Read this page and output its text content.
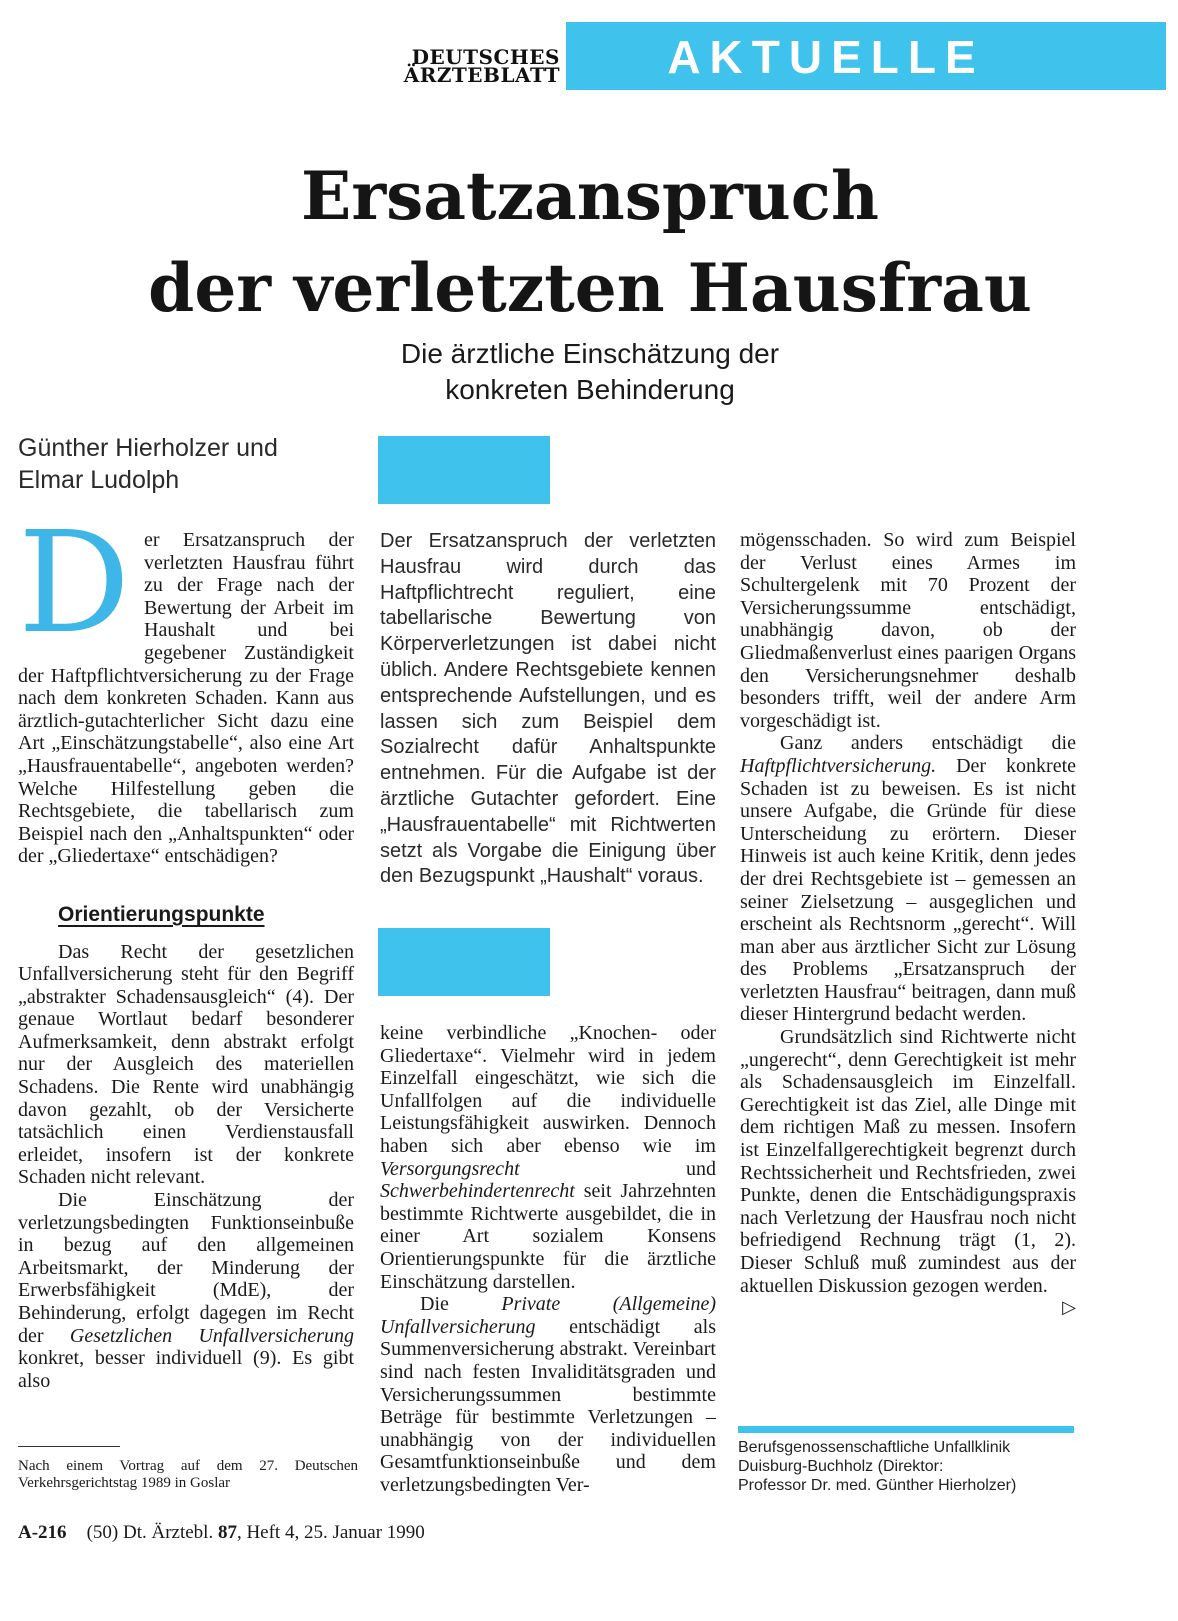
DEUTSCHES
ÄRZTEBLATT	AKTUELLE MEDIZIN
Ersatzanspruch
der verletzten Hausfrau
Die ärztliche Einschätzung der
konkreten Behinderung
Günther Hierholzer und
Elmar Ludolph
D er Ersatzanspruch der verletzten Hausfrau führt zu der Frage nach der Bewertung der Arbeit im Haushalt und bei gegebener Zuständigkeit der Haftpflichtversicherung zu der Frage nach dem konkreten Schaden. Kann aus ärztlich-gutachterlicher Sicht dazu eine Art „Einschätzungstabelle“, also eine Art „Hausfrauentabelle“, angeboten werden? Welche Hilfestellung geben die Rechtsgebiete, die tabellarisch zum Beispiel nach den „Anhaltspunkten“ oder der „Gliedertaxe“ entschädigen?

Orientierungspunkte

Das Recht der gesetzlichen Unfallversicherung steht für den Begriff „abstrakter Schadensausgleich“ (4). Der genaue Wortlaut bedarf besonderer Aufmerksamkeit, denn abstrakt erfolgt nur der Ausgleich des materiellen Schadens. Die Rente wird unabhängig davon gezahlt, ob der Versicherte tatsächlich einen Verdienstausfall erleidet, insofern ist der konkrete Schaden nicht relevant.

Die Einschätzung der verletzungsbedingten Funktionseinbuße in bezug auf den allgemeinen Arbeitsmarkt, der Minderung der Erwerbsfähigkeit (MdE), der Behinderung, erfolgt dagegen im Recht der Gesetzlichen Unfallversicherung konkret, besser individuell (9). Es gibt also

Der Ersatzanspruch der verletzten Hausfrau wird durch das Haftpflichtrecht reguliert, eine tabellarische Bewertung von Körperverletzungen ist dabei nicht üblich. Andere Rechtsgebiete kennen entsprechende Aufstellungen, und es lassen sich zum Beispiel dem Sozialrecht dafür Anhaltspunkte entnehmen. Für die Aufgabe ist der ärztliche Gutachter gefordert. Eine „Hausfrauentabelle“ mit Richtwerten setzt als Vorgabe die Einigung über den Bezugspunkt „Haushalt“ voraus.

keine verbindliche „Knochen- oder Gliedertaxe“. Vielmehr wird in jedem Einzelfall eingeschätzt, wie sich die Unfallfolgen auf die individuelle Leistungsfähigkeit auswirken. Dennoch haben sich aber ebenso wie im Versorgungsrecht und Schwerbehindertenrecht seit Jahrzehnten bestimmte Richtwerte ausgebildet, die in einer Art sozialem Konsens Orientierungspunkte für die ärztliche Einschätzung darstellen.

Die Private (Allgemeine) Unfallversicherung entschädigt als Summenversicherung abstrakt. Vereinbart sind nach festen Invaliditätsgraden und Versicherungssummen bestimmte Beträge für bestimmte Verletzungen – unabhängig von der individuellen Gesamtfunktionseinbuße und dem verletzungsbedingten Ver-

mögensschaden. So wird zum Beispiel der Verlust eines Armes im Schultergelenk mit 70 Prozent der Versicherungssumme entschädigt, unabhängig davon, ob der Gliedmaßenverlust eines paarigen Organs den Versicherungsnehmer deshalb besonders trifft, weil der andere Arm vorgeschädigt ist.

Ganz anders entschädigt die Haftpflichtversicherung. Der konkrete Schaden ist zu beweisen. Es ist nicht unsere Aufgabe, die Gründe für diese Unterscheidung zu erörtern. Dieser Hinweis ist auch keine Kritik, denn jedes der drei Rechtsgebiete ist – gemessen an seiner Zielsetzung – ausgeglichen und erscheint als Rechtsnorm „gerecht“. Will man aber aus ärztlicher Sicht zur Lösung des Problems „Ersatzanspruch der verletzten Hausfrau“ beitragen, dann muß dieser Hintergrund bedacht werden.

Grundsätzlich sind Richtwerte nicht „ungerecht“, denn Gerechtigkeit ist mehr als Schadensausgleich im Einzelfall. Gerechtigkeit ist das Ziel, alle Dinge mit dem richtigen Maß zu messen. Insofern ist Einzelfallgerechtigkeit begrenzt durch Rechtssicherheit und Rechtsfrieden, zwei Punkte, denen die Entschädigungspraxis nach Verletzung der Hausfrau noch nicht befriedigend Rechnung trägt (1, 2). Dieser Schluß muß zumindest aus der aktuellen Diskussion gezogen werden.
▷

Nach einem Vortrag auf dem 27. Deutschen Verkehrsgerichtstag 1989 in Goslar
Berufsgenossenschaftliche Unfallklinik
Duisburg-Buchholz (Direktor:
Professor Dr. med. Günther Hierholzer)
A-216 (50) Dt. Ärztebl. 87, Heft 4, 25. Januar 1990
